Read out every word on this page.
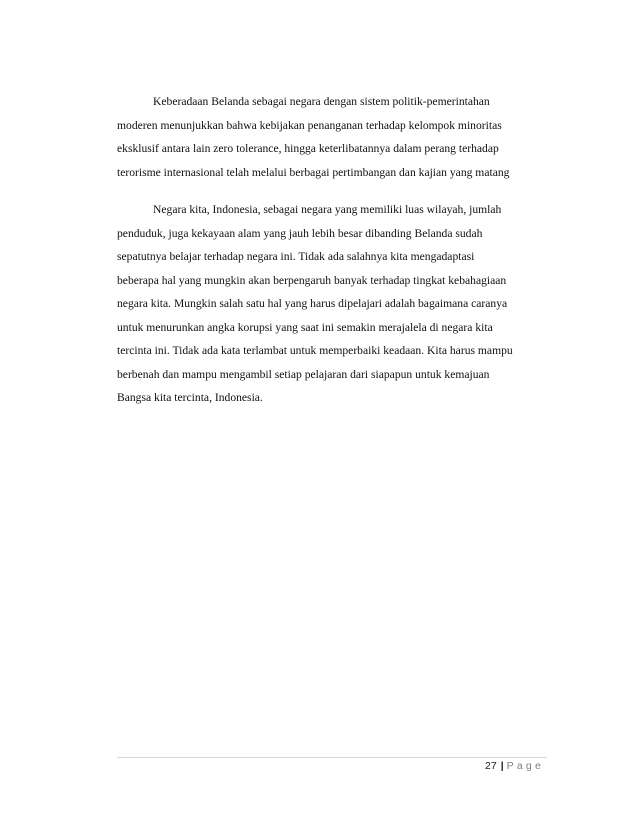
Keberadaan Belanda sebagai negara dengan sistem politik-pemerintahan
moderen menunjukkan bahwa kebijakan penanganan terhadap kelompok minoritas
eksklusif antara lain zero tolerance, hingga keterlibatannya dalam perang terhadap
terorisme internasional telah melalui berbagai pertimbangan dan kajian yang matang
Negara kita, Indonesia, sebagai negara yang memiliki luas wilayah, jumlah
penduduk, juga kekayaan alam yang jauh lebih besar dibanding Belanda sudah
sepatutnya belajar terhadap negara ini. Tidak ada salahnya kita mengadaptasi
beberapa hal yang mungkin akan berpengaruh banyak terhadap tingkat kebahagiaan
negara kita. Mungkin salah satu hal yang harus dipelajari adalah bagaimana caranya
untuk menurunkan angka korupsi yang saat ini semakin merajalela di negara kita
tercinta ini. Tidak ada kata terlambat untuk memperbaiki keadaan. Kita harus mampu
berbenah dan mampu mengambil setiap pelajaran dari siapapun untuk kemajuan
Bangsa kita tercinta, Indonesia.
27 | Page
